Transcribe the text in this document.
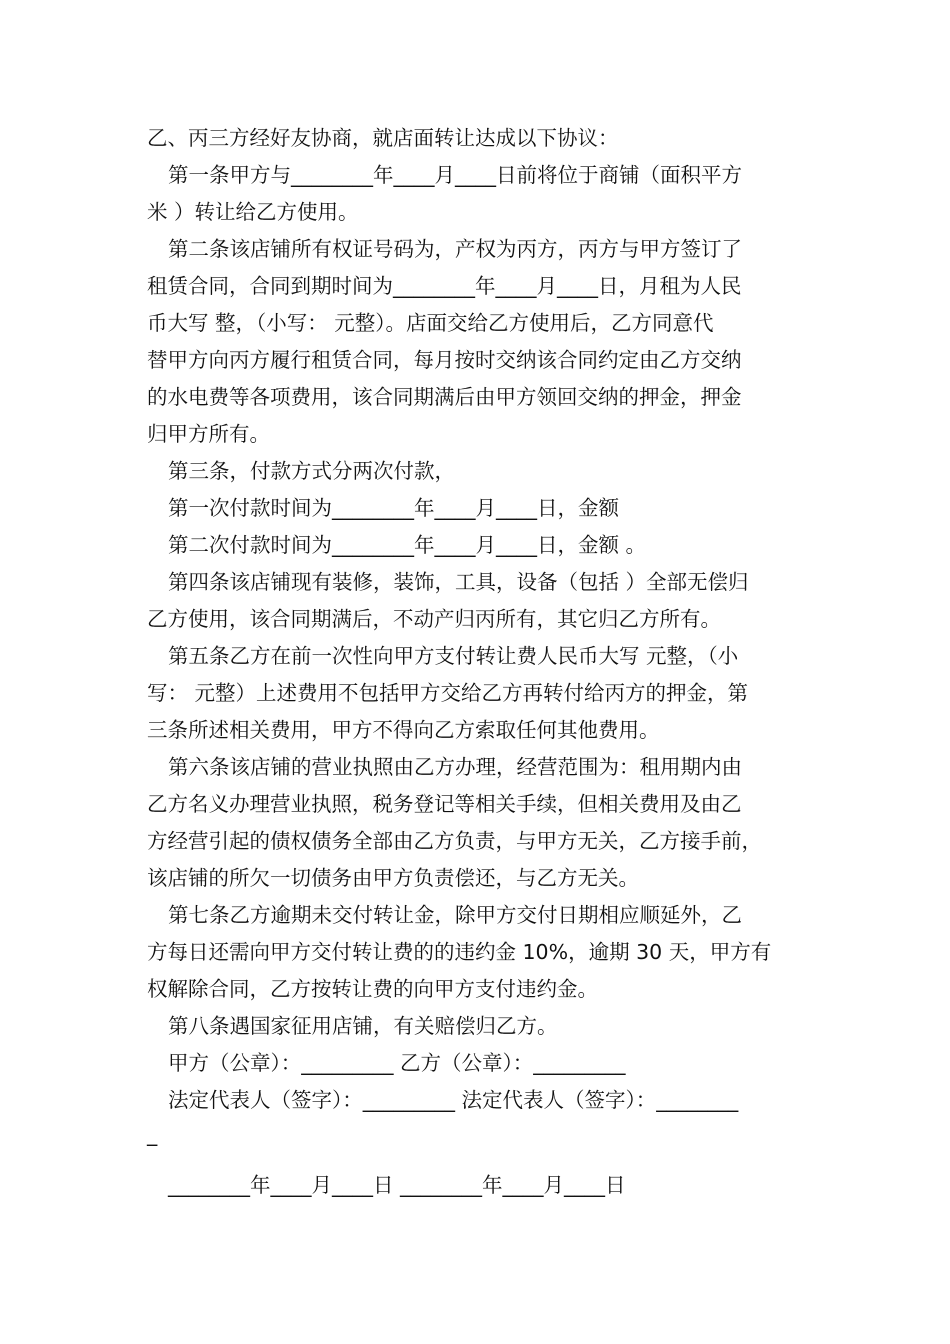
乙、丙三方经好友协商，就店面转让达成以下协议：

第一条甲方与________年____月____日前将位于商铺（面积平方

米 ）转让给乙方使用。

第二条该店铺所有权证号码为，产权为丙方，丙方与甲方签订了

租赁合同，合同到期时间为________年____月____日，月租为人民

币大写 整，（小写： 元整）。店面交给乙方使用后，乙方同意代

替甲方向丙方履行租赁合同，每月按时交纳该合同约定由乙方交纳

的水电费等各项费用，该合同期满后由甲方领回交纳的押金，押金

归甲方所有。

第三条，付款方式分两次付款，

第一次付款时间为________年____月____日，金额

第二次付款时间为________年____月____日，金额 。

第四条该店铺现有装修，装饰，工具，设备（包括 ）全部无偿归

乙方使用，该合同期满后，不动产归丙所有，其它归乙方所有。

第五条乙方在前一次性向甲方支付转让费人民币大写 元整，（小

写： 元整）上述费用不包括甲方交给乙方再转付给丙方的押金，第

三条所述相关费用，甲方不得向乙方索取任何其他费用。

第六条该店铺的营业执照由乙方办理，经营范围为：租用期内由

乙方名义办理营业执照，税务登记等相关手续，但相关费用及由乙

方经营引起的债权债务全部由乙方负责，与甲方无关，乙方接手前，

该店铺的所欠一切债务由甲方负责偿还，与乙方无关。

第七条乙方逾期未交付转让金，除甲方交付日期相应顺延外，乙

方每日还需向甲方交付转让费的的违约金 10%，逾期 30 天，甲方有

权解除合同，乙方按转让费的向甲方支付违约金。

第八条遇国家征用店铺，有关赔偿归乙方。

甲方（公章）：_________ 乙方（公章）：_________

法定代表人（签字）：_________ 法定代表人（签字）：________

_

________年____月____日 ________年____月____日
